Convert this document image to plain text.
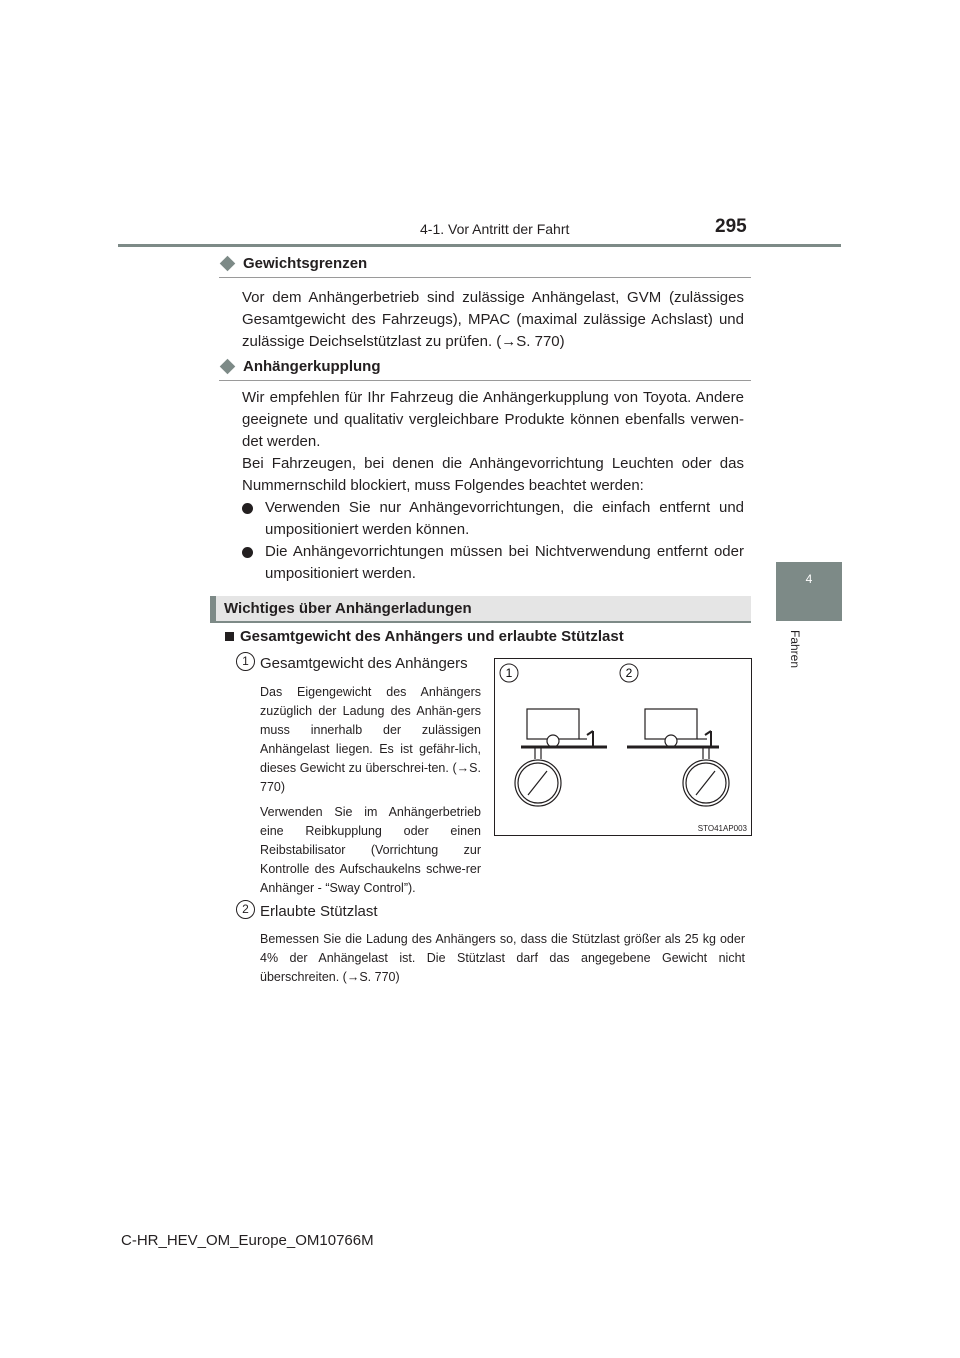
4-1. Vor Antritt der Fahrt	295
4
Fahren
Gewichtsgrenzen
Vor dem Anhängerbetrieb sind zulässige Anhängelast, GVM (zulässiges Gesamtgewicht des Fahrzeugs), MPAC (maximal zulässige Achslast) und zulässige Deichselstützlast zu prüfen. (→S. 770)
Anhängerkupplung
Wir empfehlen für Ihr Fahrzeug die Anhängerkupplung von Toyota. Andere geeignete und qualitativ vergleichbare Produkte können ebenfalls verwen-det werden.
Bei Fahrzeugen, bei denen die Anhängevorrichtung Leuchten oder das Nummernschild blockiert, muss Folgendes beachtet werden:
Verwenden Sie nur Anhängevorrichtungen, die einfach entfernt und umpositioniert werden können.
Die Anhängevorrichtungen müssen bei Nichtverwendung entfernt oder umpositioniert werden.
Wichtiges über Anhängerladungen
Gesamtgewicht des Anhängers und erlaubte Stützlast
1 Gesamtgewicht des Anhängers
Das Eigengewicht des Anhängers zuzüglich der Ladung des Anhän-gers muss innerhalb der zulässigen Anhängelast liegen. Es ist gefähr-lich, dieses Gewicht zu überschrei-ten. (→S. 770)
Verwenden Sie im Anhängerbetrieb eine Reibkupplung oder einen Reibstabilisator (Vorrichtung zur Kontrolle des Aufschaukelns schwe-rer Anhänger - “Sway Control”).
1	2
STO41AP003
2 Erlaubte Stützlast
Bemessen Sie die Ladung des Anhängers so, dass die Stützlast größer als 25 kg oder 4% der Anhängelast ist. Die Stützlast darf das angegebene Gewicht nicht überschreiten. (→S. 770)
C-HR_HEV_OM_Europe_OM10766M
